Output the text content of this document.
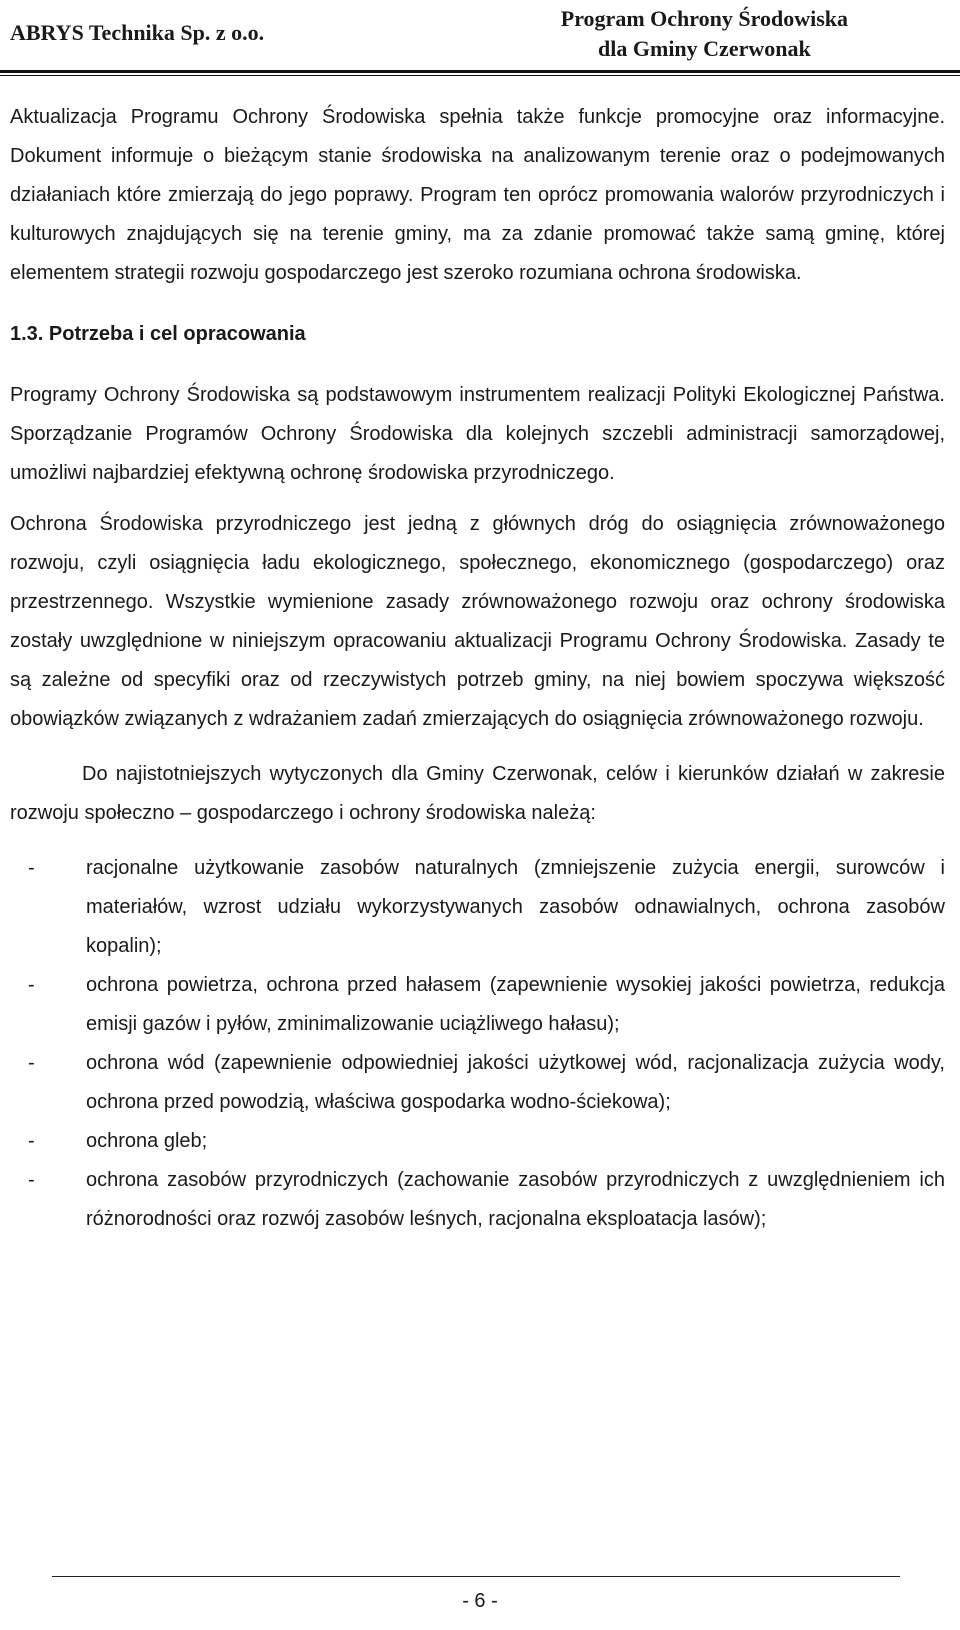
ABRYS Technika Sp. z o.o.
Program Ochrony Środowiska
dla Gminy Czerwonak

Aktualizacja Programu Ochrony Środowiska spełnia także funkcje promocyjne oraz informacyjne. Dokument informuje o bieżącym stanie środowiska na analizowanym terenie oraz o podejmowanych działaniach które zmierzają do jego poprawy. Program ten oprócz promowania walorów przyrodniczych i kulturowych znajdujących się na terenie gminy, ma za zdanie promować także samą gminę, której elementem strategii rozwoju gospodarczego jest szeroko rozumiana ochrona środowiska.

1.3. Potrzeba i cel opracowania

Programy Ochrony Środowiska są podstawowym instrumentem realizacji Polityki Ekologicznej Państwa. Sporządzanie Programów Ochrony Środowiska dla kolejnych szczebli administracji samorządowej, umożliwi najbardziej efektywną ochronę środowiska przyrodniczego.

Ochrona Środowiska przyrodniczego jest jedną z głównych dróg do osiągnięcia zrównoważonego rozwoju, czyli osiągnięcia ładu ekologicznego, społecznego, ekonomicznego (gospodarczego) oraz przestrzennego. Wszystkie wymienione zasady zrównoważonego rozwoju oraz ochrony środowiska zostały uwzględnione w niniejszym opracowaniu aktualizacji Programu Ochrony Środowiska. Zasady te są zależne od specyfiki oraz od rzeczywistych potrzeb gminy, na niej bowiem spoczywa większość obowiązków związanych z wdrażaniem zadań zmierzających do osiągnięcia zrównoważonego rozwoju.

Do najistotniejszych wytyczonych dla Gminy Czerwonak, celów i kierunków działań w zakresie rozwoju społeczno – gospodarczego i ochrony środowiska należą:

-	racjonalne użytkowanie zasobów naturalnych (zmniejszenie zużycia energii, surowców i materiałów, wzrost udziału wykorzystywanych zasobów odnawialnych, ochrona zasobów kopalin);
-	ochrona powietrza, ochrona przed hałasem (zapewnienie wysokiej jakości powietrza, redukcja emisji gazów i pyłów, zminimalizowanie uciążliwego hałasu);
-	ochrona wód (zapewnienie odpowiedniej jakości użytkowej wód, racjonalizacja zużycia wody, ochrona przed powodzią, właściwa gospodarka wodno-ściekowa);
-	ochrona gleb;
-	ochrona zasobów przyrodniczych (zachowanie zasobów przyrodniczych z uwzględnieniem ich różnorodności oraz rozwój zasobów leśnych, racjonalna eksploatacja lasów);
- 6 -
